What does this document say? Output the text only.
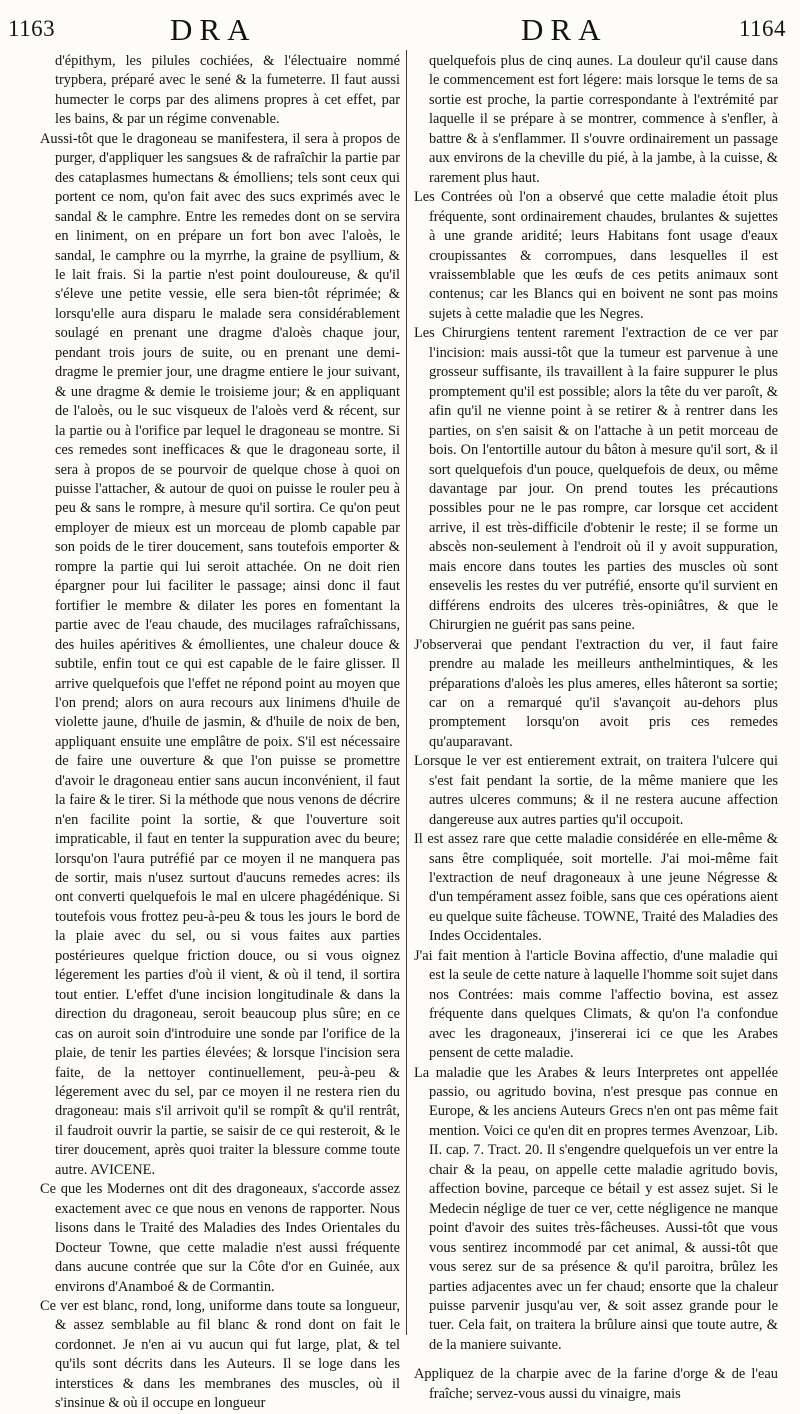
1163	DRA	DRA	1164

d'épithym, les pilules cochiées, & l'électuaire nommé trypbera, préparé avec le sené & la fumeterre. Il faut aussi humecter le corps par des alimens propres à cet effet, par les bains, & par un régime convenable.

Aussi-tôt que le dragoneau se manifestera, il sera à propos de purger, d'appliquer les sangsues & de rafraîchir la partie par des cataplasmes humectans & émolliens; tels sont ceux qui portent ce nom, qu'on fait avec des sucs exprimés avec le sandal & le camphre. Entre les remedes dont on se servira en liniment, on en prépare un fort bon avec l'aloès, le sandal, le camphre ou la myrrhe, la graine de psyllium, & le lait frais. Si la partie n'est point douloureuse, & qu'il s'éleve une petite vessie, elle sera bien-tôt réprimée; & lorsqu'elle aura disparu le malade sera considérablement soulagé en prenant une dragme d'aloès chaque jour, pendant trois jours de suite, ou en prenant une demi-dragme le premier jour, une dragme entiere le jour suivant, & une dragme & demie le troisieme jour; & en appliquant de l'aloès, ou le suc visqueux de l'aloès verd & récent, sur la partie ou à l'orifice par lequel le dragoneau se montre. Si ces remedes sont inefficaces & que le dragoneau sorte, il sera à propos de se pourvoir de quelque chose à quoi on puisse l'attacher, & autour de quoi on puisse le rouler peu à peu & sans le rompre, à mesure qu'il sortira. Ce qu'on peut employer de mieux est un morceau de plomb capable par son poids de le tirer doucement, sans toutefois emporter & rompre la partie qui lui seroit attachée. On ne doit rien épargner pour lui faciliter le passage; ainsi donc il faut fortifier le membre & dilater les pores en fomentant la partie avec de l'eau chaude, des mucilages rafraîchissans, des huiles apéritives & émollientes, une chaleur douce & subtile, enfin tout ce qui est capable de le faire glisser. Il arrive quelquefois que l'effet ne répond point au moyen que l'on prend; alors on aura recours aux linimens d'huile de violette jaune, d'huile de jasmin, & d'huile de noix de ben, appliquant ensuite une emplâtre de poix. S'il est nécessaire de faire une ouverture & que l'on puisse se promettre d'avoir le dragoneau entier sans aucun inconvénient, il faut la faire & le tirer. Si la méthode que nous venons de décrire n'en facilite point la sortie, & que l'ouverture soit impraticable, il faut en tenter la suppuration avec du beure; lorsqu'on l'aura putréfié par ce moyen il ne manquera pas de sortir, mais n'usez surtout d'aucuns remedes acres: ils ont converti quelquefois le mal en ulcere phagédénique. Si toutefois vous frottez peu-à-peu & tous les jours le bord de la plaie avec du sel, ou si vous faites aux parties postérieures quelque friction douce, ou si vous oignez légerement les parties d'où il vient, & où il tend, il sortira tout entier. L'effet d'une incision longitudinale & dans la direction du dragoneau, seroit beaucoup plus sûre; en ce cas on auroit soin d'introduire une sonde par l'orifice de la plaie, de tenir les parties élevées; & lorsque l'incision sera faite, de la nettoyer continuellement, peu-à-peu & légerement avec du sel, par ce moyen il ne restera rien du dragoneau: mais s'il arrivoit qu'il se rompît & qu'il rentrât, il faudroit ouvrir la partie, se saisir de ce qui resteroit, & le tirer doucement, après quoi traiter la blessure comme toute autre. AVICENE.

Ce que les Modernes ont dit des dragoneaux, s'accorde assez exactement avec ce que nous en venons de rapporter. Nous lisons dans le Traité des Maladies des Indes Orientales du Docteur Towne, que cette maladie n'est aussi fréquente dans aucune contrée que sur la Côte d'or en Guinée, aux environs d'Anamboé & de Cormantin.

Ce ver est blanc, rond, long, uniforme dans toute sa longueur, & assez semblable au fil blanc & rond dont on fait le cordonnet. Je n'en ai vu aucun qui fut large, plat, & tel qu'ils sont décrits dans les Auteurs. Il se loge dans les interstices & dans les membranes des muscles, où il s'insinue & où il occupe en longueur

quelquefois plus de cinq aunes. La douleur qu'il cause dans le commencement est fort légere: mais lorsque le tems de sa sortie est proche, la partie correspondante à l'extrémité par laquelle il se prépare à se montrer, commence à s'enfler, à battre & à s'enflammer. Il s'ouvre ordinairement un passage aux environs de la cheville du pié, à la jambe, à la cuisse, & rarement plus haut.

Les Contrées où l'on a observé que cette maladie étoit plus fréquente, sont ordinairement chaudes, brulantes & sujettes à une grande aridité; leurs Habitans font usage d'eaux croupissantes & corrompues, dans lesquelles il est vraissemblable que les œufs de ces petits animaux sont contenus; car les Blancs qui en boivent ne sont pas moins sujets à cette maladie que les Negres.

Les Chirurgiens tentent rarement l'extraction de ce ver par l'incision: mais aussi-tôt que la tumeur est parvenue à une grosseur suffisante, ils travaillent à la faire suppurer le plus promptement qu'il est possible; alors la tête du ver paroît, & afin qu'il ne vienne point à se retirer & à rentrer dans les parties, on s'en saisit & on l'attache à un petit morceau de bois. On l'entortille autour du bâton à mesure qu'il sort, & il sort quelquefois d'un pouce, quelquefois de deux, ou même davantage par jour. On prend toutes les précautions possibles pour ne le pas rompre, car lorsque cet accident arrive, il est très-difficile d'obtenir le reste; il se forme un abscès non-seulement à l'endroit où il y avoit suppuration, mais encore dans toutes les parties des muscles où sont ensevelis les restes du ver putréfié, ensorte qu'il survient en différens endroits des ulceres très-opiniâtres, & que le Chirurgien ne guérit pas sans peine.

J'observerai que pendant l'extraction du ver, il faut faire prendre au malade les meilleurs anthelmintiques, & les préparations d'aloès les plus ameres, elles hâteront sa sortie; car on a remarqué qu'il s'avançoit au-dehors plus promptement lorsqu'on avoit pris ces remedes qu'auparavant.

Lorsque le ver est entierement extrait, on traitera l'ulcere qui s'est fait pendant la sortie, de la même maniere que les autres ulceres communs; & il ne restera aucune affection dangereuse aux autres parties qu'il occupoit.

Il est assez rare que cette maladie considérée en elle-même & sans être compliquée, soit mortelle. J'ai moi-même fait l'extraction de neuf dragoneaux à une jeune Négresse & d'un tempérament assez foible, sans que ces opérations aient eu quelque suite fâcheuse. TOWNE, Traité des Maladies des Indes Occidentales.

J'ai fait mention à l'article Bovina affectio, d'une maladie qui est la seule de cette nature à laquelle l'homme soit sujet dans nos Contrées: mais comme l'affectio bovina, est assez fréquente dans quelques Climats, & qu'on l'a confondue avec les dragoneaux, j'insererai ici ce que les Arabes pensent de cette maladie.

La maladie que les Arabes & leurs Interpretes ont appellée passio, ou agritudo bovina, n'est presque pas connue en Europe, & les anciens Auteurs Grecs n'en ont pas même fait mention. Voici ce qu'en dit en propres termes Avenzoar, Lib. II. cap. 7. Tract. 20. Il s'engendre quelquefois un ver entre la chair & la peau, on appelle cette maladie agritudo bovis, affection bovine, parceque ce bétail y est assez sujet. Si le Medecin néglige de tuer ce ver, cette négligence ne manque point d'avoir des suites très-fâcheuses. Aussi-tôt que vous vous sentirez incommodé par cet animal, & aussi-tôt que vous serez sur de sa présence & qu'il paroitra, brûlez les parties adjacentes avec un fer chaud; ensorte que la chaleur puisse parvenir jusqu'au ver, & soit assez grande pour le tuer. Cela fait, on traitera la brûlure ainsi que toute autre, & de la maniere suivante.

Appliquez de la charpie avec de la farine d'orge & de l'eau fraîche; servez-vous aussi du vinaigre, mais
